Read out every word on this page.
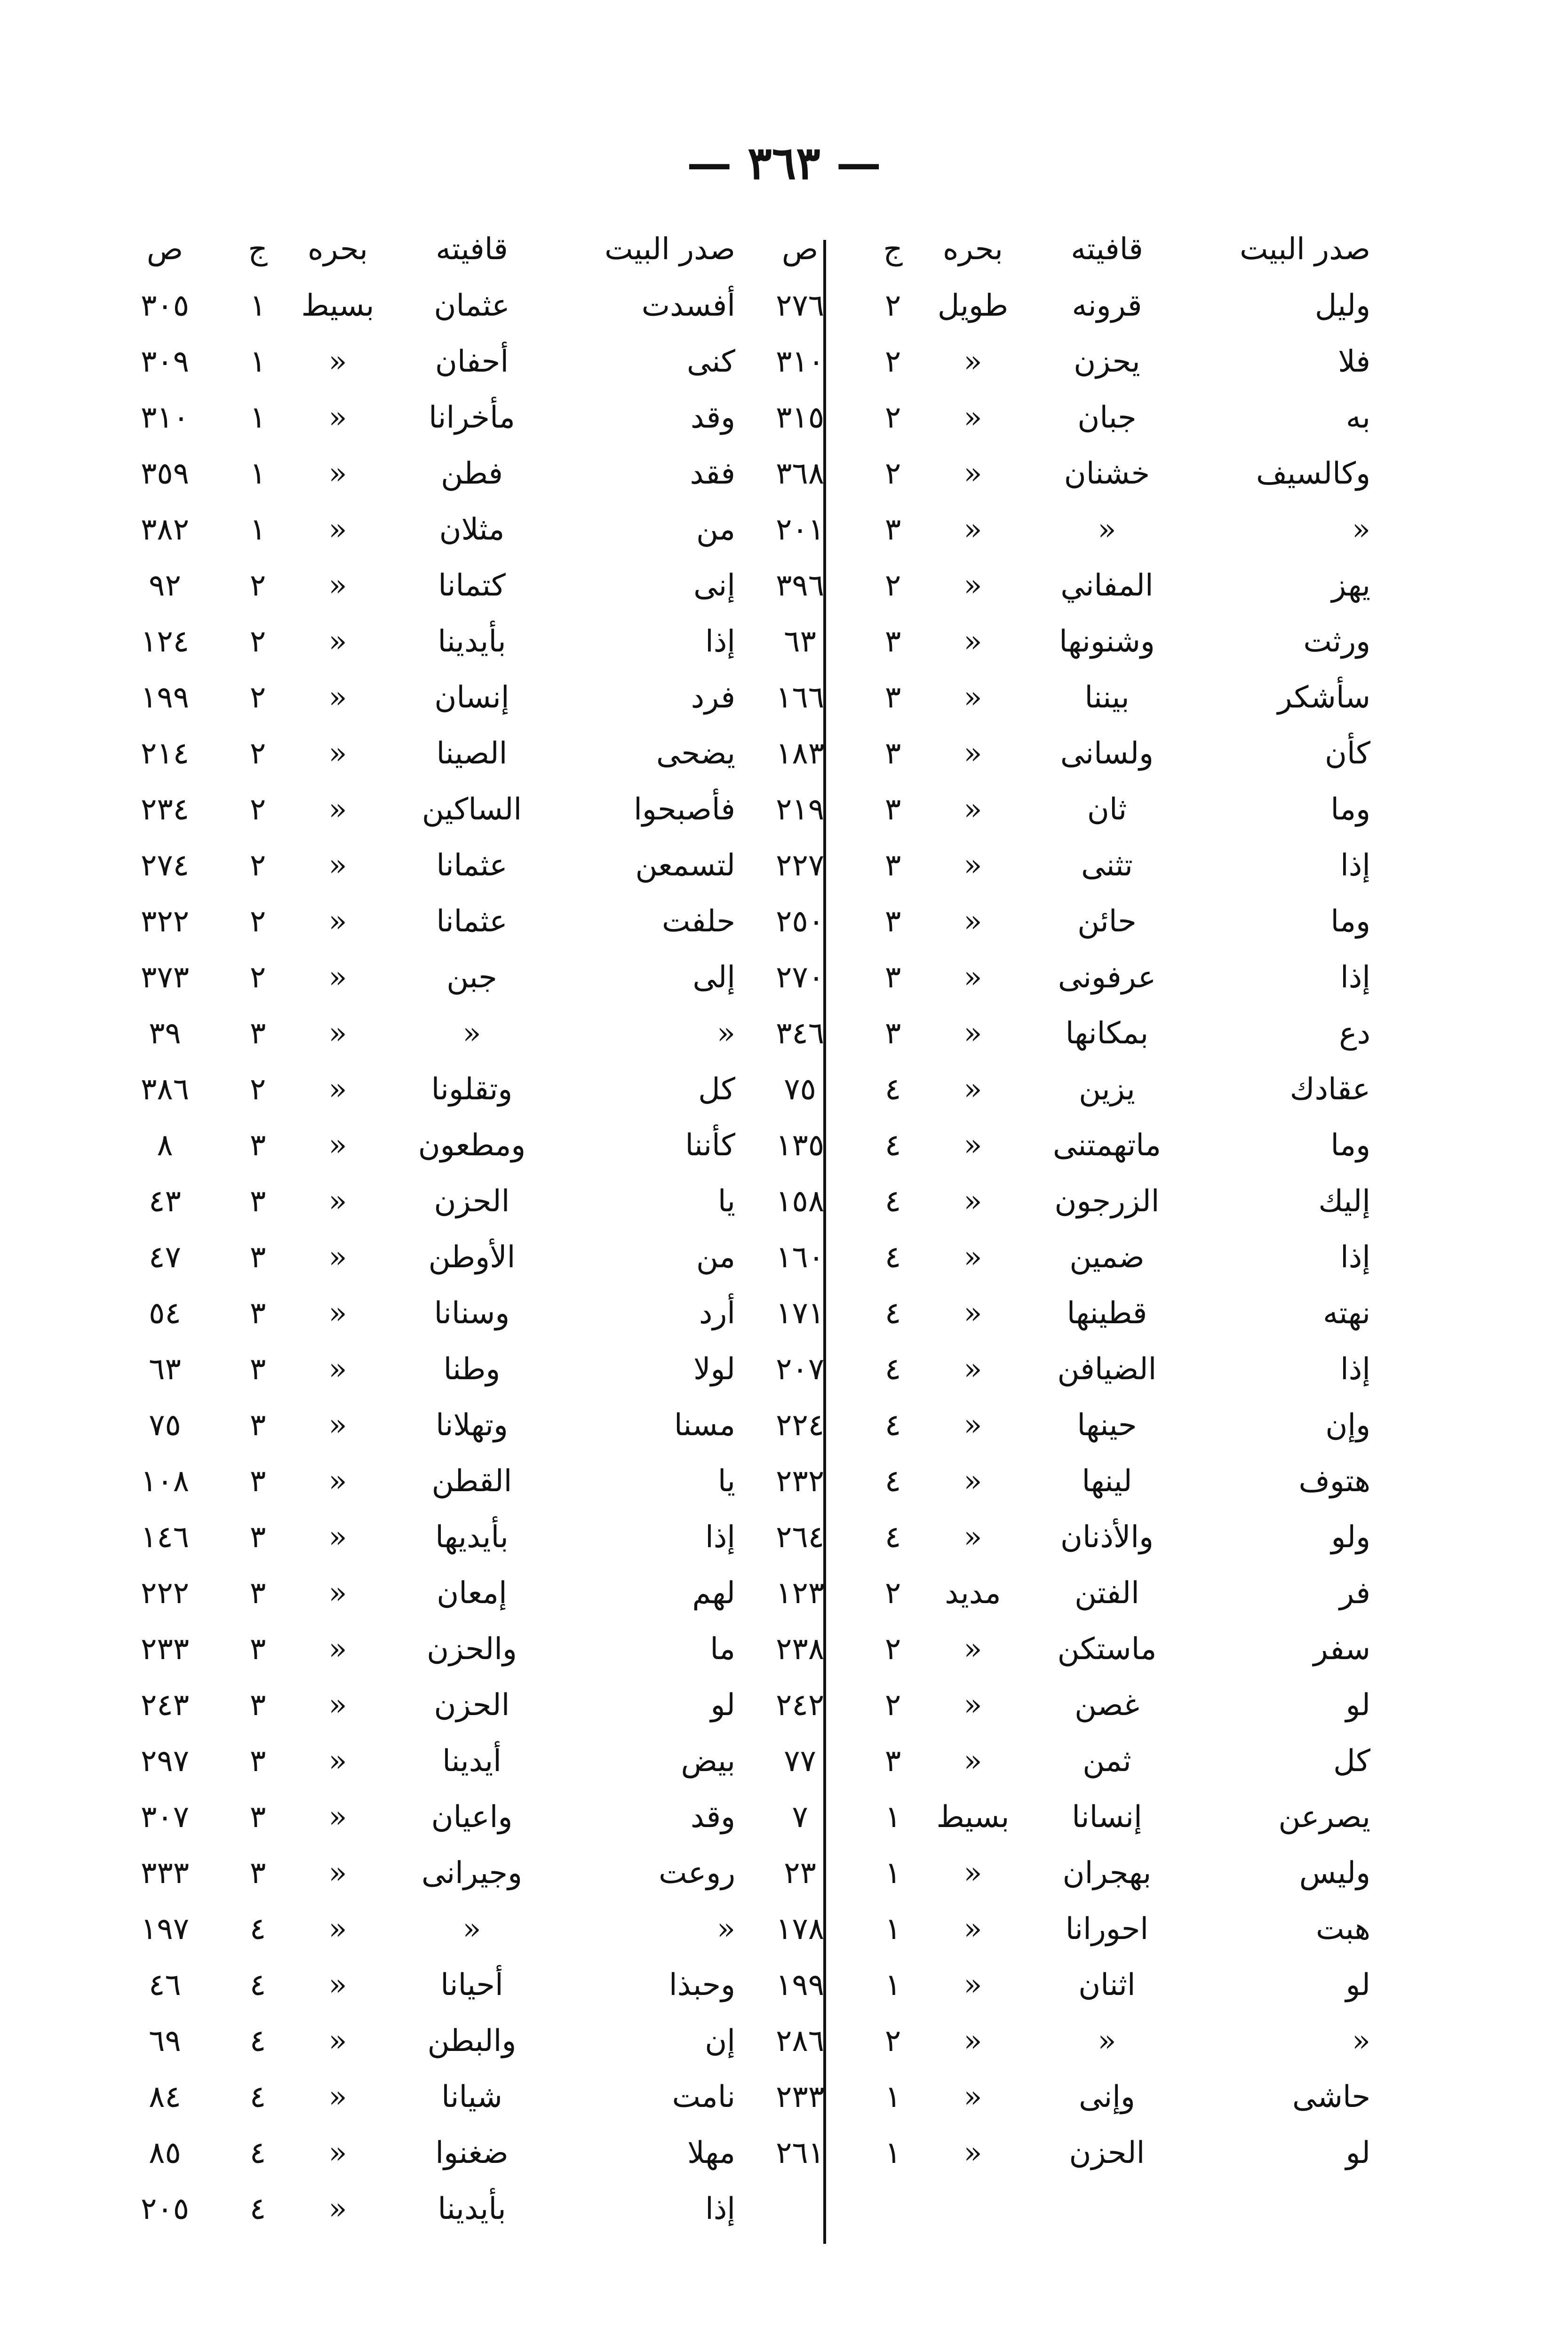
— ٣٦٣ —
صدر البيت	قافيته	بحره	ج	ص
وليل	قرونه	طويل	٢	٢٧٦
فلا	يحزن	«	٢	٣١٠
به	جبان	«	٢	٣١٥
وكالسيف	خشنان	«	٢	٣٦٨
«	«	«	٣	٢٠١
يهز	المفاني	«	٢	٣٩٦
ورثت	وشنونها	«	٣	٦٣
سأشكر	بيننا	«	٣	١٦٦
كأن	ولسانى	«	٣	١٨٣
وما	ثان	«	٣	٢١٩
إذا	تثنى	«	٣	٢٢٧
وما	حائن	«	٣	٢٥٠
إذا	عرفونى	«	٣	٢٧٠
دع	بمكانها	«	٣	٣٤٦
عقادك	يزين	«	٤	٧٥
وما	ماتهمتنى	«	٤	١٣٥
إليك	الزرجون	«	٤	١٥٨
إذا	ضمين	«	٤	١٦٠
نهته	قطينها	«	٤	١٧١
إذا	الضيافن	«	٤	٢٠٧
وإن	حينها	«	٤	٢٢٤
هتوف	لينها	«	٤	٢٣٢
ولو	والأذنان	«	٤	٢٦٤
فر	الفتن	مديد	٢	١٢٣
سفر	ماستكن	«	٢	٢٣٨
لو	غصن	«	٢	٢٤٢
كل	ثمن	«	٣	٧٧
يصرعن	إنسانا	بسيط	١	٧
وليس	بهجران	«	١	٢٣
هبت	احورانا	«	١	١٧٨
لو	اثنان	«	١	١٩٩
«	«	«	٢	٢٨٦
حاشى	وإنى	«	١	٢٣٣
لو	الحزن	«	١	٢٦١
صدر البيت	قافيته	بحره	ج	ص
أفسدت	عثمان	بسيط	١	٣٠٥
كنى	أحفان	«	١	٣٠٩
وقد	مأخرانا	«	١	٣١٠
فقد	فطن	«	١	٣٥٩
من	مثلان	«	١	٣٨٢
إنى	كتمانا	«	٢	٩٢
إذا	بأيدينا	«	٢	١٢٤
فرد	إنسان	«	٢	١٩٩
يضحى	الصينا	«	٢	٢١٤
فأصبحوا	الساكين	«	٢	٢٣٤
لتسمعن	عثمانا	«	٢	٢٧٤
حلفت	عثمانا	«	٢	٣٢٢
إلى	جبن	«	٢	٣٧٣
«	«	«	٣	٣٩
كل	وتقلونا	«	٢	٣٨٦
كأننا	ومطعون	«	٣	٨
يا	الحزن	«	٣	٤٣
من	الأوطن	«	٣	٤٧
أرد	وسنانا	«	٣	٥٤
لولا	وطنا	«	٣	٦٣
مسنا	وتهلانا	«	٣	٧٥
يا	القطن	«	٣	١٠٨
إذا	بأيديها	«	٣	١٤٦
لهم	إمعان	«	٣	٢٢٢
ما	والحزن	«	٣	٢٣٣
لو	الحزن	«	٣	٢٤٣
بيض	أيدينا	«	٣	٢٩٧
وقد	واعيان	«	٣	٣٠٧
روعت	وجيرانى	«	٣	٣٣٣
«	«	«	٤	١٩٧
وحبذا	أحيانا	«	٤	٤٦
إن	والبطن	«	٤	٦٩
نامت	شيانا	«	٤	٨٤
مهلا	ضغنوا	«	٤	٨٥
إذا	بأيدينا	«	٤	٢٠٥
